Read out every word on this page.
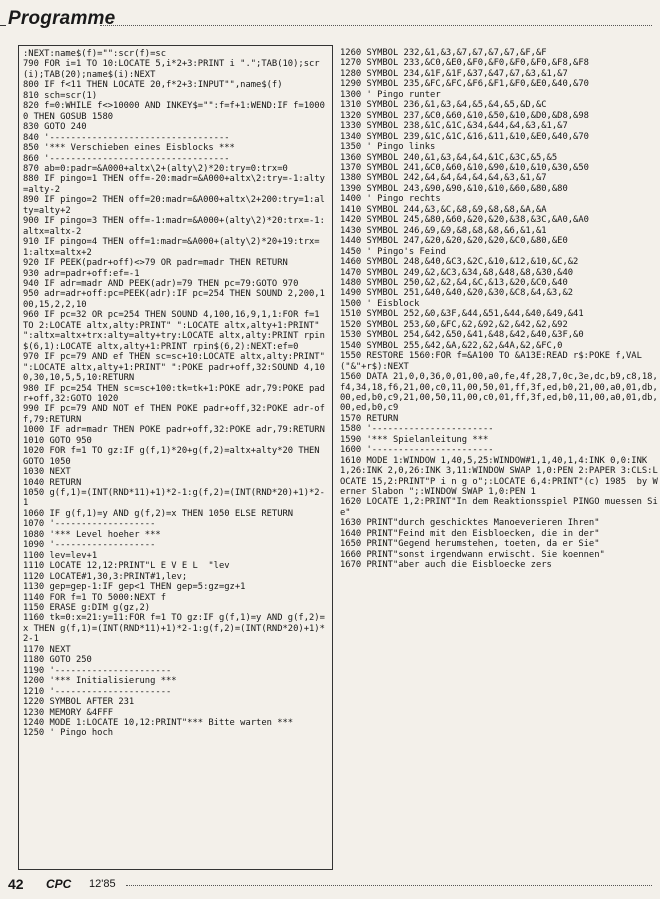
Programme
:NEXT:name$(f)="":scr(f)=sc
790 FOR i=1 TO 10:LOCATE 5,i*2+3:PRINT i ".";TAB(10);scr(i);TAB(20);name$(i):NEXT
800 IF f<11 THEN LOCATE 20,f*2+3:INPUT"",name$(f)
810 sch=scr(1)
820 f=0:WHILE f<>10000 AND INKEY$="":f=f+1:WEND:IF f=10000 THEN GOSUB 1580
830 GOTO 240
840 '----------------------------------
850 '*** Verschieben eines Eisblocks ***
860 '----------------------------------
870 ab=0:padr=&A000+altx\2+(alty\2)*20:try=0:trx=0
880 IF pingo=1 THEN off=-20:madr=&A000+altx\2:try=-1:alty=alty-2
890 IF pingo=2 THEN off=20:madr=&A000+altx\2+200:try=1:alty=alty+2
900 IF pingo=3 THEN off=-1:madr=&A000+(alty\2)*20:trx=-1:altx=altx-2
910 IF pingo=4 THEN off=1:madr=&A000+(alty\2)*20+19:trx=1:altx=altx+2
920 IF PEEK(padr+off)<>79 OR padr=madr THEN RETURN
930 adr=padr+off:ef=-1
940 IF adr=madr AND PEEK(adr)=79 THEN pc=79:GOTO 970
950 adr=adr+off:pc=PEEK(adr):IF pc=254 THEN SOUND 2,200,100,15,2,2,10
960 IF pc=32 OR pc=254 THEN SOUND 4,100,16,9,1,1:FOR f=1 TO 2:LOCATE altx,alty:PRINT" ":LOCATE altx,alty+1:PRINT" ":altx=altx+trx:alty=alty+try:LOCATE altx,alty:PRINT rpin$(6,1):LOCATE altx,alty+1:PRINT rpin$(6,2):NEXT:ef=0
970 IF pc=79 AND ef THEN sc=sc+10:LOCATE altx,alty:PRINT" ":LOCATE altx,alty+1:PRINT" ":POKE padr+off,32:SOUND 4,100,30,10,5,5,10:RETURN
980 IF pc=254 THEN sc=sc+100:tk=tk+1:POKE adr,79:POKE padr+off,32:GOTO 1020
990 IF pc=79 AND NOT ef THEN POKE padr+off,32:POKE adr-off,79:RETURN
1000 IF adr=madr THEN POKE padr+off,32:POKE adr,79:RETURN
1010 GOTO 950
1020 FOR f=1 TO gz:IF g(f,1)*20+g(f,2)=altx+alty*20 THEN GOTO 1050
1030 NEXT
1040 RETURN
1050 g(f,1)=(INT(RND*11)+1)*2-1:g(f,2)=(INT(RND*20)+1)*2-1
1060 IF g(f,1)=y AND g(f,2)=x THEN 1050 ELSE RETURN
1070 '-------------------
1080 '*** Level hoeher ***
1090 '-------------------
1100 lev=lev+1
1110 LOCATE 12,12:PRINT"L E V E L  "lev
1120 LOCATE#1,30,3:PRINT#1,lev;
1130 gep=gep-1:IF gep<1 THEN gep=5:gz=gz+1
1140 FOR f=1 TO 5000:NEXT f
1150 ERASE g:DIM g(gz,2)
1160 tk=0:x=21:y=11:FOR f=1 TO gz:IF g(f,1)=y AND g(f,2)=x THEN g(f,1)=(INT(RND*11)+1)*2-1:g(f,2)=(INT(RND*20)+1)*2-1
1170 NEXT
1180 GOTO 250
1190 '----------------------
1200 '*** Initialisierung ***
1210 '----------------------
1220 SYMBOL AFTER 231
1230 MEMORY &4FFF
1240 MODE 1:LOCATE 10,12:PRINT"*** Bitte warten ***
1250 ' Pingo hoch
1260 SYMBOL 232,&1,&3,&7,&7,&7,&7,&F,&F
1270 SYMBOL 233,&C0,&E0,&F0,&F0,&F0,&F0,&F8,&F8
1280 SYMBOL 234,&1F,&1F,&37,&47,&7,&3,&1,&7
1290 SYMBOL 235,&FC,&FC,&F6,&F1,&F0,&E0,&40,&70
1300 ' Pingo runter
1310 SYMBOL 236,&1,&3,&4,&5,&4,&5,&D,&C
1320 SYMBOL 237,&C0,&60,&10,&50,&10,&D0,&D8,&98
1330 SYMBOL 238,&1C,&1C,&34,&44,&4,&3,&1,&7
1340 SYMBOL 239,&1C,&1C,&16,&11,&10,&E0,&40,&70
1350 ' Pingo links
1360 SYMBOL 240,&1,&3,&4,&4,&1C,&3C,&5,&5
1370 SYMBOL 241,&C0,&60,&10,&90,&10,&10,&30,&50
1380 SYMBOL 242,&4,&4,&4,&4,&4,&3,&1,&7
1390 SYMBOL 243,&90,&90,&10,&10,&60,&80,&80
1400 ' Pingo rechts
1410 SYMBOL 244,&3,&C,&8,&9,&8,&8,&A,&A
1420 SYMBOL 245,&80,&60,&20,&20,&38,&3C,&A0,&A0
1430 SYMBOL 246,&9,&9,&8,&8,&8,&6,&1,&1
1440 SYMBOL 247,&20,&20,&20,&20,&C0,&80,&E0
1450 ' Pingo's Feind
1460 SYMBOL 248,&40,&C3,&2C,&10,&12,&10,&C,&2
1470 SYMBOL 249,&2,&C3,&34,&8,&48,&8,&30,&40
1480 SYMBOL 250,&2,&2,&4,&C,&13,&20,&C0,&40
1490 SYMBOL 251,&40,&40,&20,&30,&C8,&4,&3,&2
1500 ' Eisblock
1510 SYMBOL 252,&0,&3F,&44,&51,&44,&40,&49,&41
1520 SYMBOL 253,&0,&FC,&2,&92,&2,&42,&2,&92
1530 SYMBOL 254,&42,&50,&41,&48,&42,&40,&3F,&0
1540 SYMBOL 255,&42,&A,&22,&2,&4A,&2,&FC,0
1550 RESTORE 1560:FOR f=&A100 TO &A13E:READ r$:POKE f,VAL("&"+r$):NEXT
1560 DATA 21,0,0,36,0,01,00,a0,fe,4f,28,7,0c,3e,dc,b9,c8,18,f4,34,18,f6,21,00,c0,11,00,50,01,ff,3f,ed,b0,21,00,a0,01,db,00,ed,b0,c9,21,00,50,11,00,c0,01,ff,3f,ed,b0,11,00,a0,01,db,00,ed,b0,c9
1570 RETURN
1580 '-----------------------
1590 '*** Spielanleitung ***
1600 '-----------------------
1610 MODE 1:WINDOW 1,40,5,25:WINDOW#1,1,40,1,4:INK 0,0:INK 1,26:INK 2,0,26:INK 3,11:WINDOW SWAP 1,0:PEN 2:PAPER 3:CLS:LOCATE 15,2:PRINT"P i n g o";:LOCATE 6,4:PRINT"(c) 1985  by Werner Slabon ";:WINDOW SWAP 1,0:PEN 1
1620 LOCATE 1,2:PRINT"In dem Reaktionsspiel PINGO muessen Sie"
1630 PRINT"durch geschicktes Manoeverieren Ihren"
1640 PRINT"Feind mit den Eisbloecken, die in der"
1650 PRINT"Gegend herumstehen, toeten, da er Sie"
1660 PRINT"sonst irgendwann erwischt. Sie koennen"
1670 PRINT"aber auch die Eisbloecke zers
42 CPC 12'85
